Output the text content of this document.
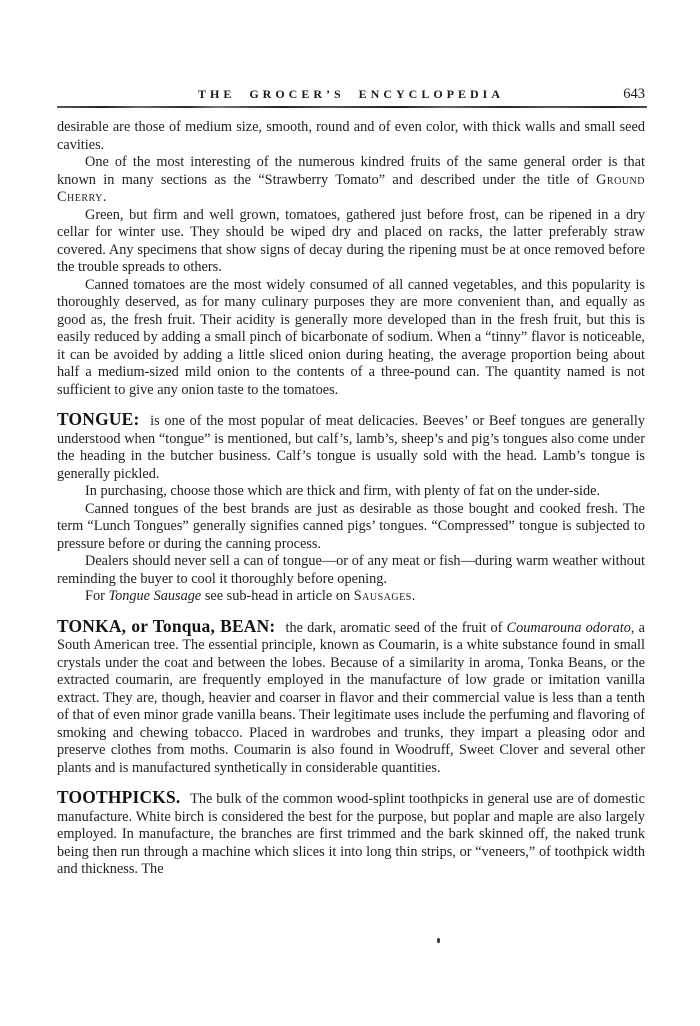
THE GROCER’S ENCYCLOPEDIA	643

desirable are those of medium size, smooth, round and of even color, with thick walls and small seed cavities.

One of the most interesting of the numerous kindred fruits of the same general order is that known in many sections as the “Strawberry Tomato” and described under the title of Ground Cherry.

Green, but firm and well grown, tomatoes, gathered just before frost, can be ripened in a dry cellar for winter use. They should be wiped dry and placed on racks, the latter preferably straw covered. Any specimens that show signs of decay during the ripening must be at once removed before the trouble spreads to others.

Canned tomatoes are the most widely consumed of all canned vegetables, and this popularity is thoroughly deserved, as for many culinary purposes they are more convenient than, and equally as good as, the fresh fruit. Their acidity is generally more developed than in the fresh fruit, but this is easily reduced by adding a small pinch of bicarbonate of sodium. When a “tinny” flavor is noticeable, it can be avoided by adding a little sliced onion during heating, the average proportion being about half a medium-sized mild onion to the contents of a three-pound can. The quantity named is not sufficient to give any onion taste to the tomatoes.

TONGUE: is one of the most popular of meat delicacies. Beeves’ or Beef tongues are generally understood when “tongue” is mentioned, but calf’s, lamb’s, sheep’s and pig’s tongues also come under the heading in the butcher business. Calf’s tongue is usually sold with the head. Lamb’s tongue is generally pickled.

In purchasing, choose those which are thick and firm, with plenty of fat on the under-side.

Canned tongues of the best brands are just as desirable as those bought and cooked fresh. The term “Lunch Tongues” generally signifies canned pigs’ tongues. “Compressed” tongue is subjected to pressure before or during the canning process.

Dealers should never sell a can of tongue—or of any meat or fish—during warm weather without reminding the buyer to cool it thoroughly before opening.

For Tongue Sausage see sub-head in article on Sausages.

TONKA, or Tonqua, BEAN: the dark, aromatic seed of the fruit of Coumarouna odorato, a South American tree. The essential principle, known as Coumarin, is a white substance found in small crystals under the coat and between the lobes. Because of a similarity in aroma, Tonka Beans, or the extracted coumarin, are frequently employed in the manufacture of low grade or imitation vanilla extract. They are, though, heavier and coarser in flavor and their commercial value is less than a tenth of that of even minor grade vanilla beans. Their legitimate uses include the perfuming and flavoring of smoking and chewing tobacco. Placed in wardrobes and trunks, they impart a pleasing odor and preserve clothes from moths. Coumarin is also found in Woodruff, Sweet Clover and several other plants and is manufactured synthetically in considerable quantities.

TOOTHPICKS. The bulk of the common wood-splint toothpicks in general use are of domestic manufacture. White birch is considered the best for the purpose, but poplar and maple are also largely employed. In manufacture, the branches are first trimmed and the bark skinned off, the naked trunk being then run through a machine which slices it into long thin strips, or “veneers,” of toothpick width and thickness. The
